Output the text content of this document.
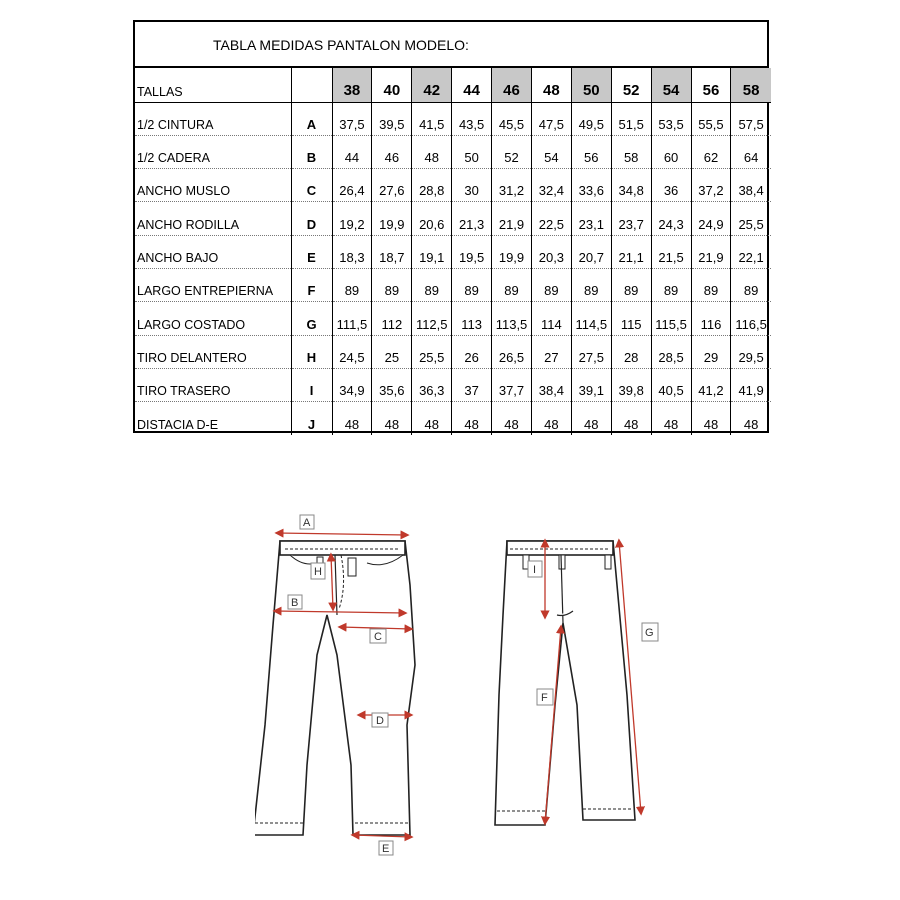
TABLA MEDIDAS PANTALON MODELO:
TALLAS		38	40	42	44	46	48	50	52	54	56	58
1/2 CINTURA	A	37,5	39,5	41,5	43,5	45,5	47,5	49,5	51,5	53,5	55,5	57,5
1/2 CADERA	B	44	46	48	50	52	54	56	58	60	62	64
ANCHO MUSLO	C	26,4	27,6	28,8	30	31,2	32,4	33,6	34,8	36	37,2	38,4
ANCHO RODILLA	D	19,2	19,9	20,6	21,3	21,9	22,5	23,1	23,7	24,3	24,9	25,5
ANCHO BAJO	E	18,3	18,7	19,1	19,5	19,9	20,3	20,7	21,1	21,5	21,9	22,1
LARGO ENTREPIERNA	F	89	89	89	89	89	89	89	89	89	89	89
LARGO COSTADO	G	111,5	112	112,5	113	113,5	114	114,5	115	115,5	116	116,5
TIRO DELANTERO	H	24,5	25	25,5	26	26,5	27	27,5	28	28,5	29	29,5
TIRO TRASERO	I	34,9	35,6	36,3	37	37,7	38,4	39,1	39,8	40,5	41,2	41,9
DISTACIA D-E	J	48	48	48	48	48	48	48	48	48	48	48
A
B
C
D
E
H	I
F
G
